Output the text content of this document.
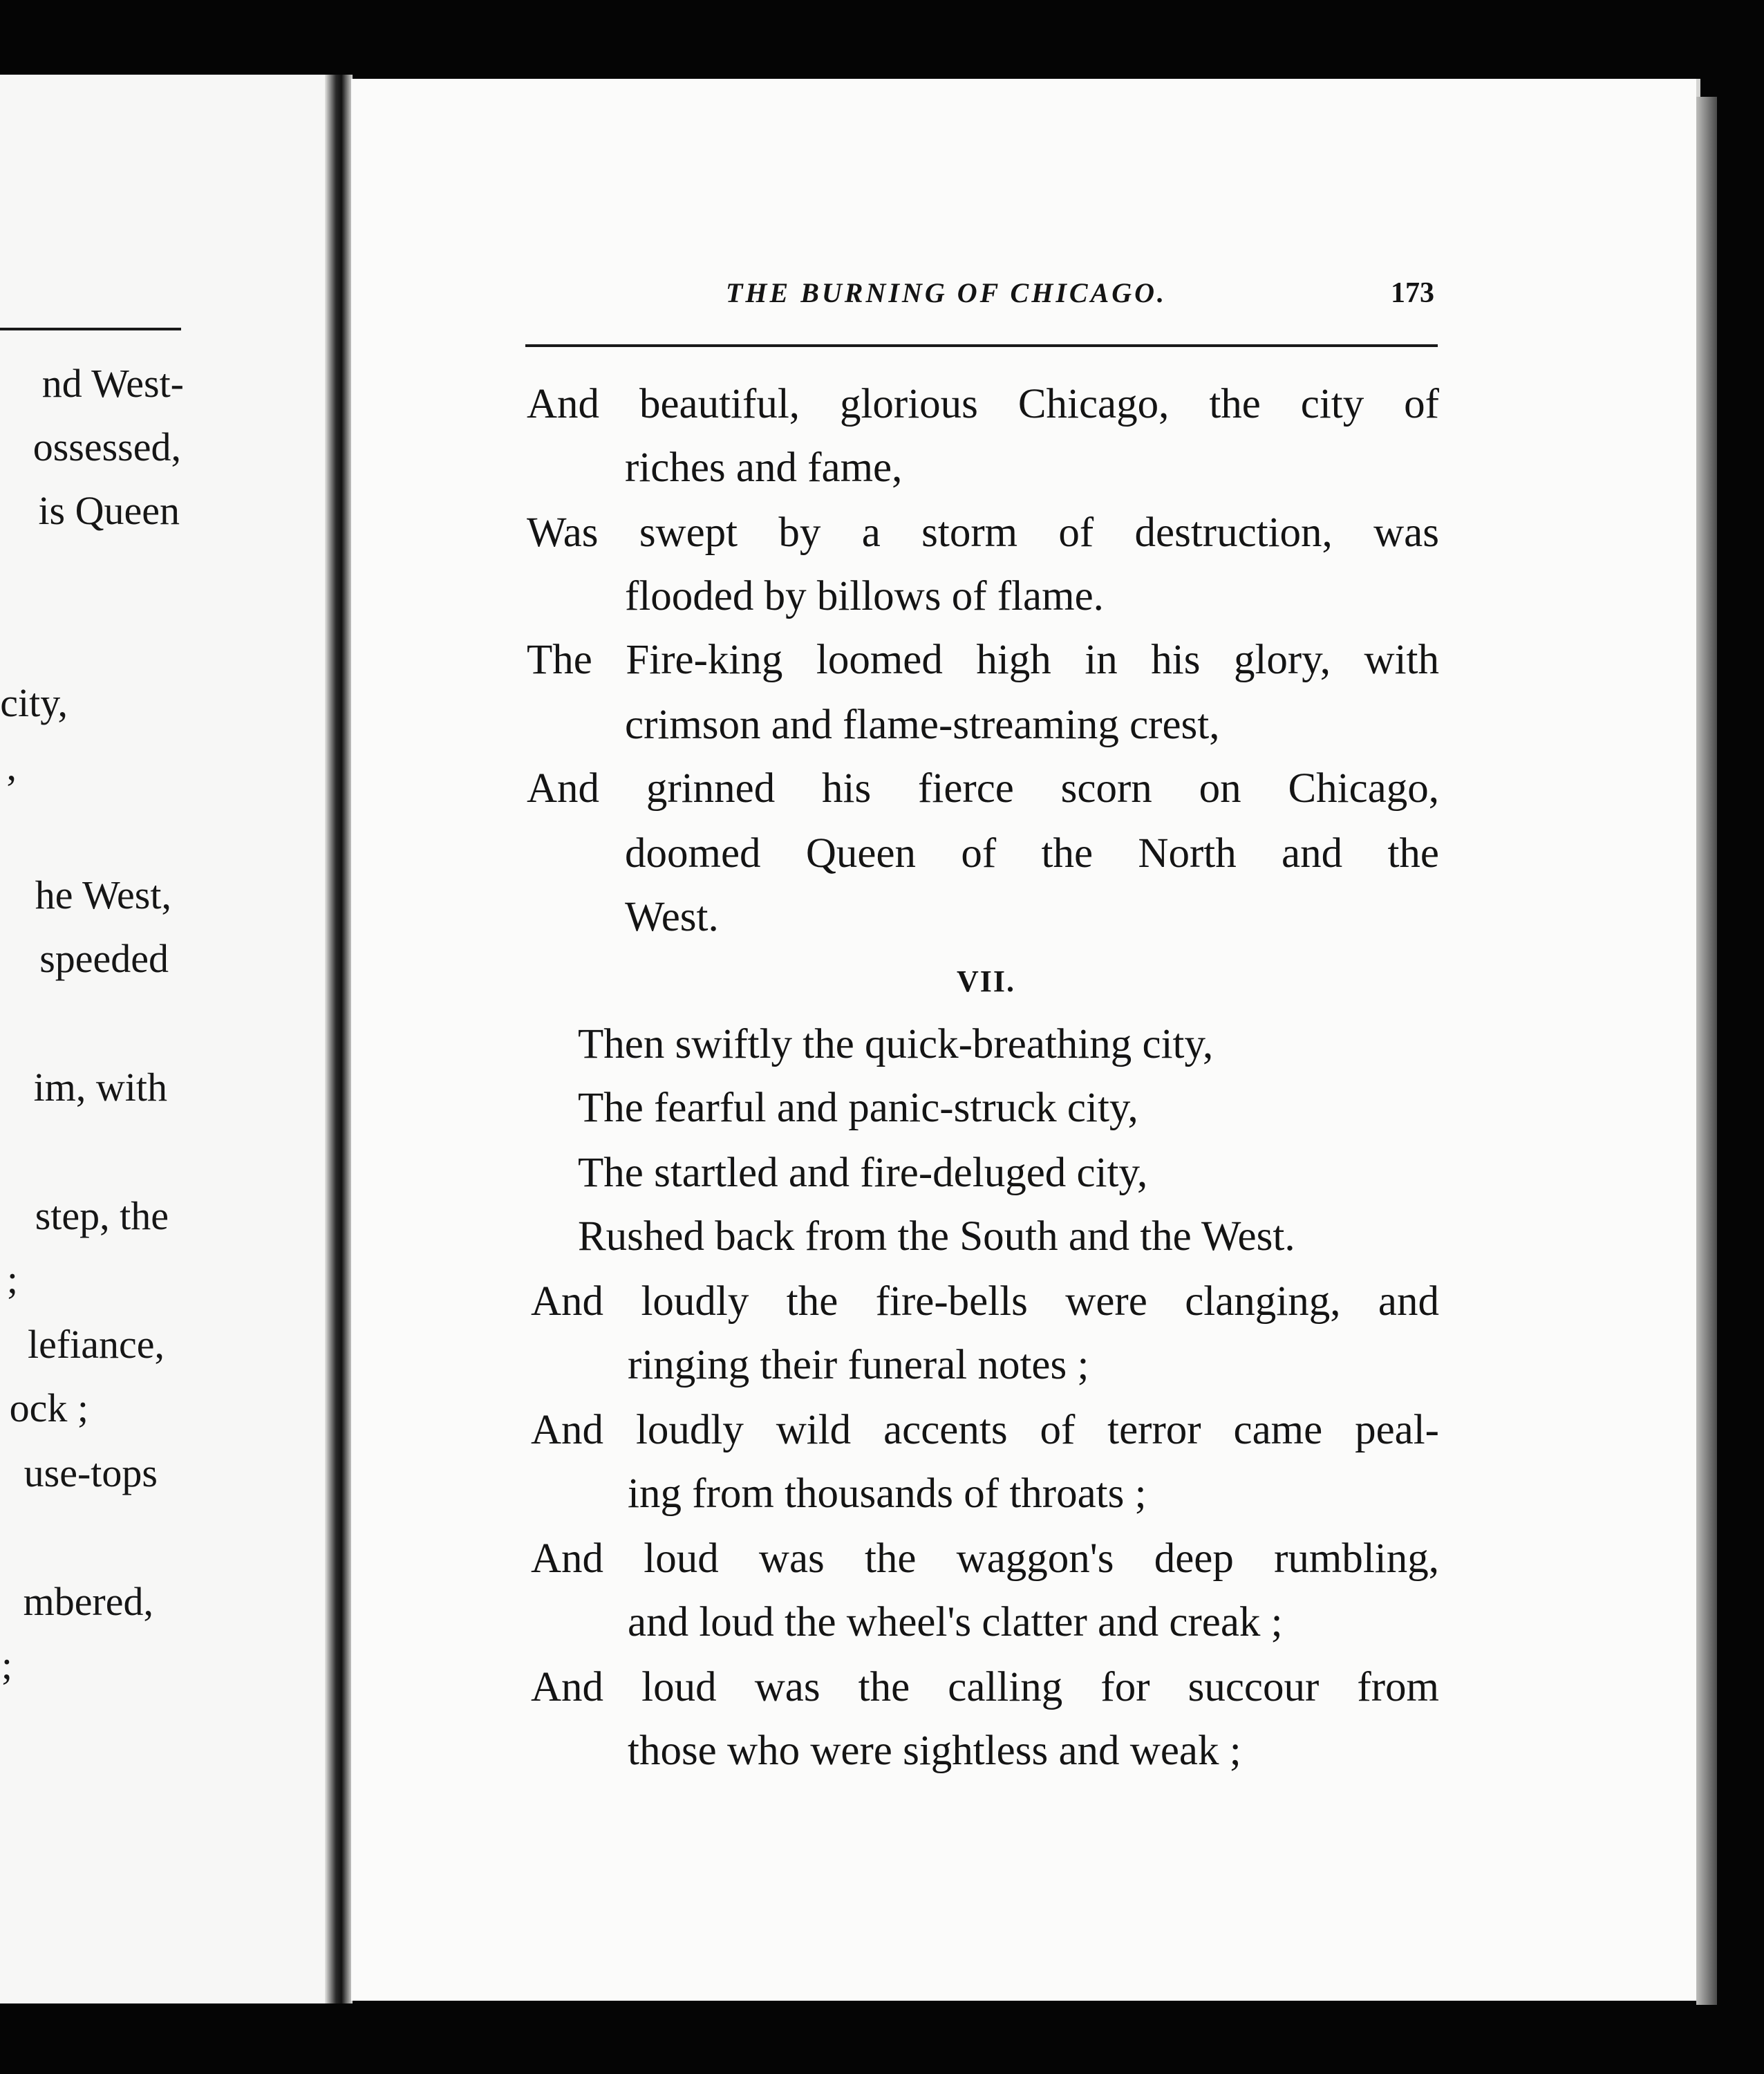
nd West-
ossessed,
is Queen
city,
,
he West,
speeded
im, with
step, the
;
lefiance,
ock ;
use-tops
mbered,
;
THE BURNING OF CHICAGO.	173
And beautiful, glorious Chicago, the city of
riches and fame,
Was swept by a storm of destruction, was
flooded by billows of flame.
The Fire-king loomed high in his glory, with
crimson and flame-streaming crest,
And grinned his fierce scorn on Chicago,
doomed Queen of the North and the
West.
VII.
Then swiftly the quick-breathing city,
The fearful and panic-struck city,
The startled and fire-deluged city,
Rushed back from the South and the West.
And loudly the fire-bells were clanging, and
ringing their funeral notes ;
And loudly wild accents of terror came peal-
ing from thousands of throats ;
And loud was the waggon's deep rumbling,
and loud the wheel's clatter and creak ;
And loud was the calling for succour from
those who were sightless and weak ;
